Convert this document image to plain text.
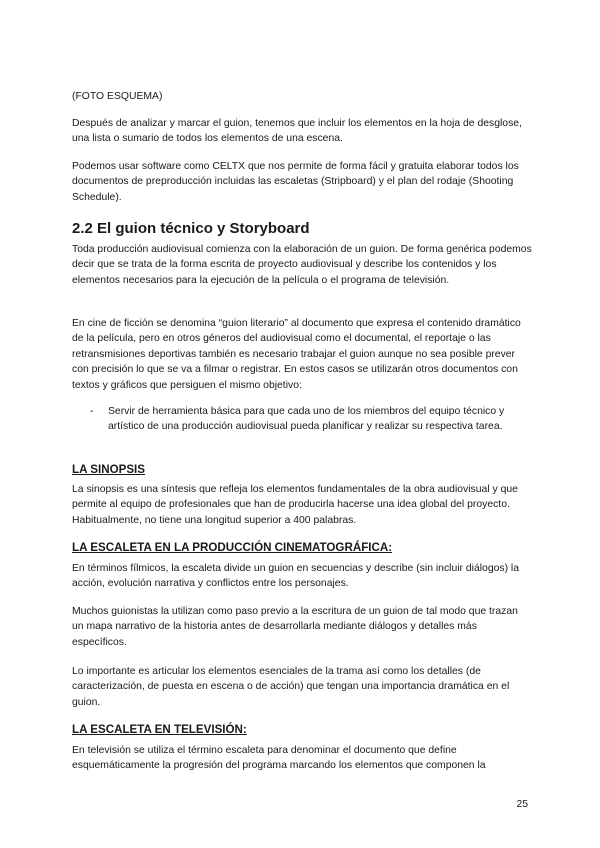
(FOTO ESQUEMA)

Después de analizar y marcar el guion, tenemos que incluir los elementos en la hoja de desglose, una lista o sumario de todos los elementos de una escena.

Podemos usar software como CELTX que nos permite de forma fácil y gratuita elaborar todos los documentos de preproducción incluidas las escaletas (Stripboard) y el plan del rodaje (Shooting Schedule).

2.2 El guion técnico y Storyboard

Toda producción audiovisual comienza con la elaboración de un guion. De forma genérica podemos decir que se trata de la forma escrita de proyecto audiovisual y describe los contenidos y los elementos necesarios para la ejecución de la película o el programa de televisión.

En cine de ficción se denomina “guion literario” al documento que expresa el contenido dramático de la película, pero en otros géneros del audiovisual como el documental, el reportaje o las retransmisiones deportivas también es necesario trabajar el guion aunque no sea posible prever con precisión lo que se va a filmar o registrar. En estos casos se utilizarán otros documentos con textos y gráficos que persiguen el mismo objetivo:

- Servir de herramienta básica para que cada uno de los miembros del equipo técnico y artístico de una producción audiovisual pueda planificar y realizar su respectiva tarea.

LA SINOPSIS

La sinopsis es una síntesis que refleja los elementos fundamentales de la obra audiovisual y que permite al equipo de profesionales que han de producirla hacerse una idea global del proyecto. Habitualmente, no tiene una longitud superior a 400 palabras.

LA ESCALETA EN LA PRODUCCIÓN CINEMATOGRÁFICA:

En términos fílmicos, la escaleta divide un guion en secuencias y describe (sin incluir diálogos) la acción, evolución narrativa y conflictos entre los personajes.

Muchos guionistas la utilizan como paso previo a la escritura de un guion de tal modo que trazan un mapa narrativo de la historia antes de desarrollarla mediante diálogos y detalles más específicos.

Lo importante es articular los elementos esenciales de la trama así como los detalles (de caracterización, de puesta en escena o de acción) que tengan una importancia dramática en el guion.

LA ESCALETA EN TELEVISIÓN:

En televisión se utiliza el término escaleta para denominar el documento que define esquemáticamente la progresión del programa marcando los elementos que componen la

25
